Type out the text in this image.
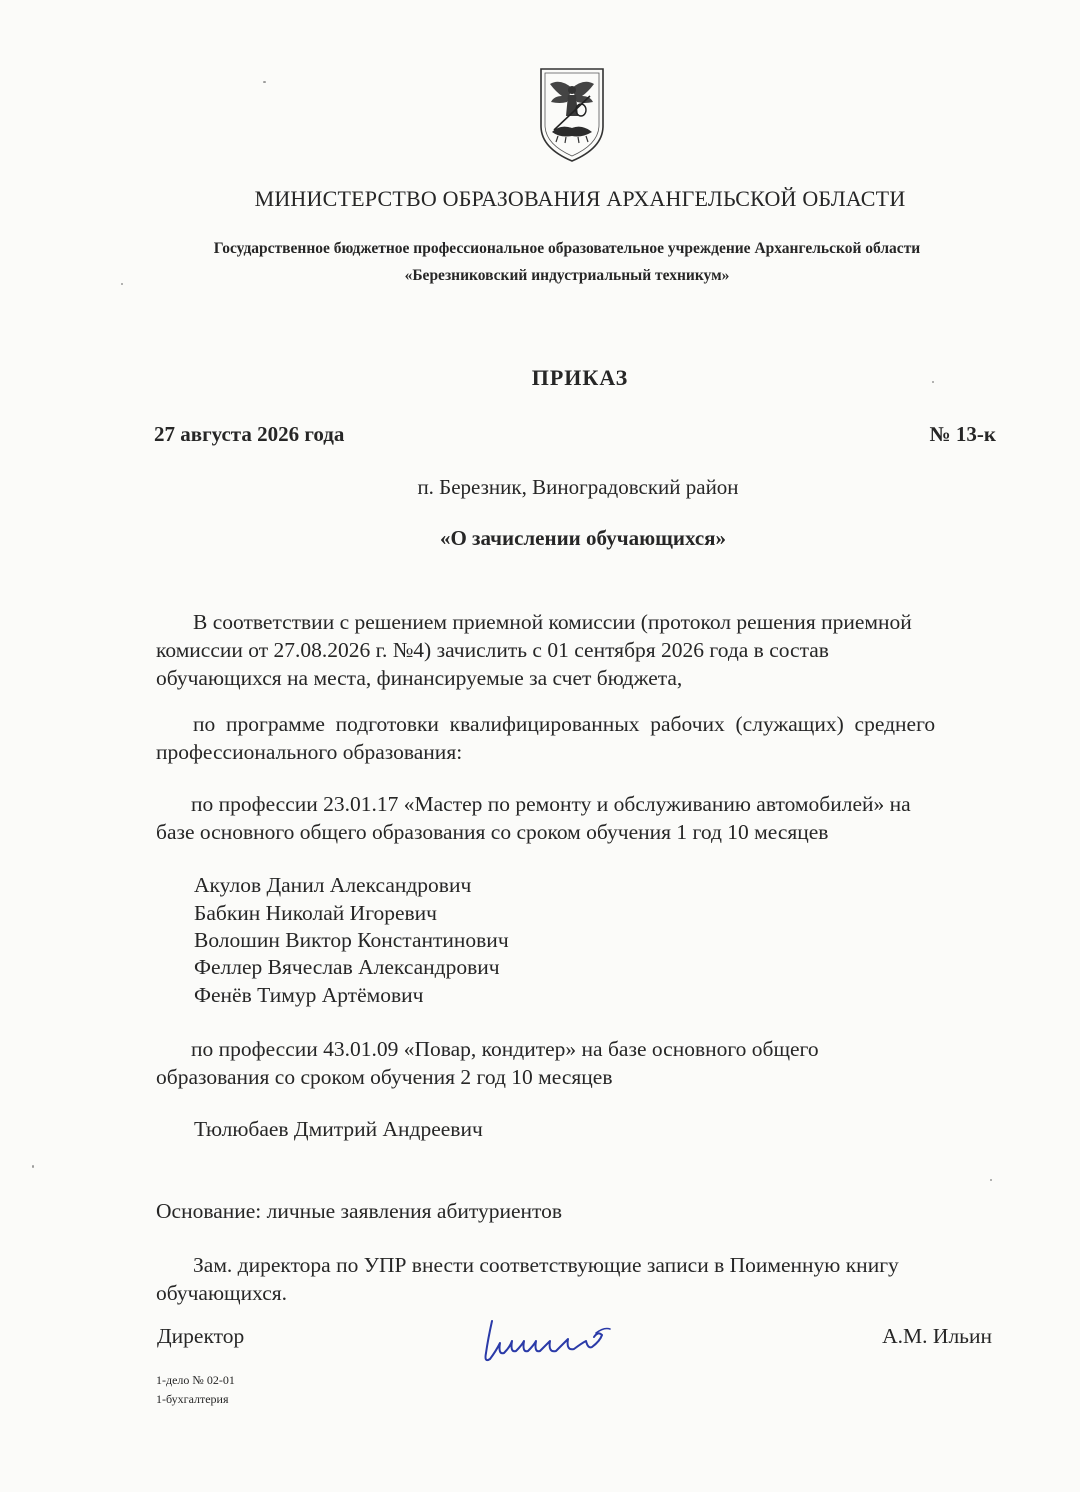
МИНИСТЕРСТВО ОБРАЗОВАНИЯ АРХАНГЕЛЬСКОЙ ОБЛАСТИ
Государственное бюджетное профессиональное образовательное учреждение Архангельской области
«Березниковский индустриальный техникум»
ПРИКАЗ
27 августа 2026 года	№ 13-к
п. Березник, Виноградовский район
«О зачислении обучающихся»
В соответствии с решением приемной комиссии (протокол решения приемной
комиссии от 27.08.2026 г. №4) зачислить с 01 сентября 2026 года в состав
обучающихся на места, финансируемые за счет бюджета,
по  программе  подготовки  квалифицированных  рабочих  (служащих)  среднего
профессионального образования:
по профессии 23.01.17 «Мастер по ремонту и обслуживанию автомобилей» на
базе основного общего образования со сроком обучения 1 год 10 месяцев
Акулов Данил Александрович
Бабкин Николай Игоревич
Волошин Виктор Константинович
Феллер Вячеслав Александрович
Фенёв Тимур Артёмович
по профессии 43.01.09 «Повар, кондитер» на базе основного общего
образования со сроком обучения 2 год 10 месяцев
Тюлюбаев Дмитрий Андреевич
Основание: личные заявления абитуриентов
Зам. директора по УПР внести соответствующие записи в Поименную книгу
обучающихся.
Директор	А.М. Ильин
1-дело № 02-01
1-бухгалтерия
